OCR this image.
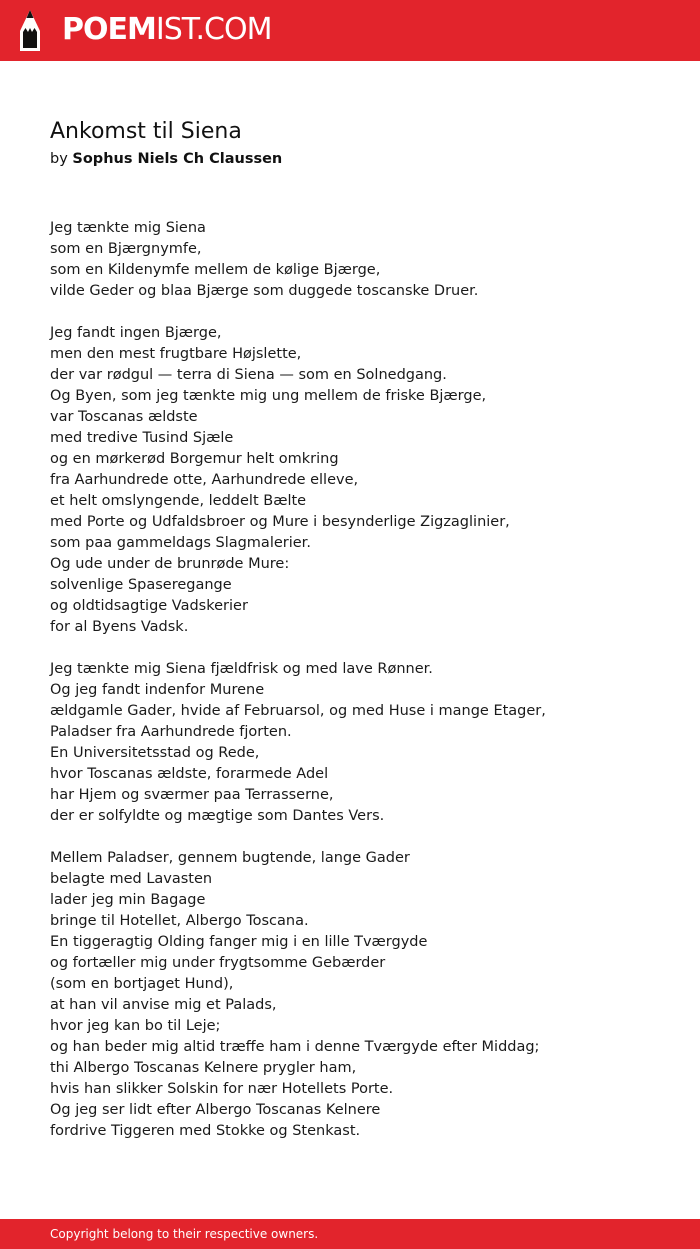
POEMIST.COM
Ankomst til Siena
by Sophus Niels Ch Claussen
Jeg tænkte mig Siena
som en Bjærgnymfe,
som en Kildenymfe mellem de kølige Bjærge,
vilde Geder og blaa Bjærge som duggede toscanske Druer.
Jeg fandt ingen Bjærge,
men den mest frugtbare Højslette,
der var rødgul — terra di Siena — som en Solnedgang.
Og Byen, som jeg tænkte mig ung mellem de friske Bjærge,
var Toscanas ældste
med tredive Tusind Sjæle
og en mørkerød Borgemur helt omkring
fra Aarhundrede otte, Aarhundrede elleve,
et helt omslyngende, leddelt Bælte
med Porte og Udfaldsbroer og Mure i besynderlige Zigzaglinier,
som paa gammeldags Slagmalerier.
Og ude under de brunrøde Mure:
solvenlige Spaseregange
og oldtidsagtige Vadskerier
for al Byens Vadsk.
Jeg tænkte mig Siena fjældfrisk og med lave Rønner.
Og jeg fandt indenfor Murene
ældgamle Gader, hvide af Februarsol, og med Huse i mange Etager,
Paladser fra Aarhundrede fjorten.
En Universitetsstad og Rede,
hvor Toscanas ældste, forarmede Adel
har Hjem og sværmer paa Terrasserne,
der er solfyldte og mægtige som Dantes Vers.
Mellem Paladser, gennem bugtende, lange Gader
belagte med Lavasten
lader jeg min Bagage
bringe til Hotellet, Albergo Toscana.
En tiggeragtig Olding fanger mig i en lille Tværgyde
og fortæller mig under frygtsomme Gebærder
(som en bortjaget Hund),
at han vil anvise mig et Palads,
hvor jeg kan bo til Leje;
og han beder mig altid træffe ham i denne Tværgyde efter Middag;
thi Albergo Toscanas Kelnere prygler ham,
hvis han slikker Solskin for nær Hotellets Porte.
Og jeg ser lidt efter Albergo Toscanas Kelnere
fordrive Tiggeren med Stokke og Stenkast.
Copyright belong to their respective owners.
